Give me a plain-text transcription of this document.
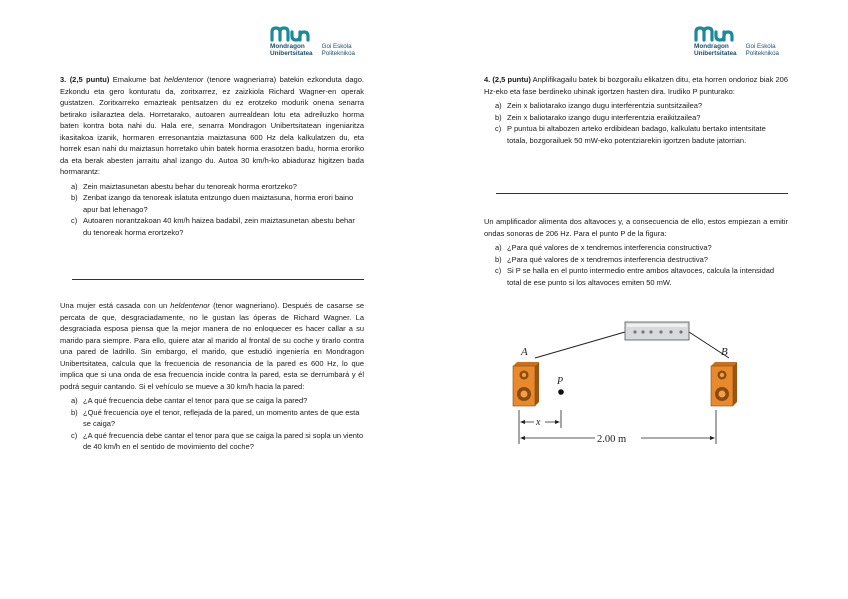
Mondragon
Unibertsitatea
Goi Eskola
Politeknikoa

3. (2,5 puntu) Emakume bat heldentenor (tenore wagneriarra) batekin ezkonduta dago. Ezkondu eta gero konturatu da, zoritxarrez, ez zaizkiola Richard Wagner-en operak gustatzen. Zoritxarreko emazteak pentsatzen du ez erotzeko modurik onena senarra betirako isilaraztea dela. Horretarako, autoaren aurrealdean lotu eta adreiluzko horma baten kontra bota nahi du. Hala ere, senarra Mondragon Unibertsitatean ingeniaritza ikasitakoa izanik, hormaren erresonantzia maiztasuna 600 Hz dela kalkulatzen du, eta horrek esan nahi du maiztasun horretako uhin batek horma erasotzen badu, horma eroriko da eta berak abesten jarraitu ahal izango du. Autoa 30 km/h-ko abiaduraz higitzen bada hormarantz:

a) Zein maiztasunetan abestu behar du tenoreak horma erortzeko?
b) Zenbat izango da tenoreak islatuta entzungo duen maiztasuna, horma erori baino apur bat lehenago?
c) Autoaren norantzakoan 40 km/h haizea badabil, zein maiztasunetan abestu behar du tenoreak horma erortzeko?

Una mujer está casada con un heldentenor (tenor wagneriano). Después de casarse se percata de que, desgraciadamente, no le gustan las óperas de Richard Wagner. La desgraciada esposa piensa que la mejor manera de no enloquecer es hacer callar a su marido para siempre. Para ello, quiere atar al marido al frontal de su coche y tirarlo contra una pared de ladrillo. Sin embargo, el marido, que estudió ingeniería en Mondragon Unibertsitatea, calcula que la frecuencia de resonancia de la pared es 600 Hz, lo que implica que si una onda de esa frecuencia incide contra la pared, esta se derrumbará y él podrá seguir cantando. Si el vehículo se mueve a 30 km/h hacia la pared:

a) ¿A qué frecuencia debe cantar el tenor para que se caiga la pared?
b) ¿Qué frecuencia oye el tenor, reflejada de la pared, un momento antes de que esta se caiga?
c) ¿A qué frecuencia debe cantar el tenor para que se caiga la pared si sopla un viento de 40 km/h en el sentido de movimiento del coche?
Mondragon
Unibertsitatea
Goi Eskola
Politeknikoa

4. (2,5 puntu) Anplifikagailu batek bi bozgorailu elikatzen ditu, eta horren ondorioz biak 206 Hz-eko eta fase berdineko uhinak igortzen hasten dira. Irudiko P punturako:

a) Zein x baliotarako izango dugu interferentzia suntsitzailea?
b) Zein x baliotarako izango dugu interferentzia eraikitzailea?
c) P puntua bi altabozen arteko erdibidean badago, kalkulatu bertako intentsitate totala, bozgorailuek 50 mW-eko potentziarekin igortzen badute jatorrian.

Un amplificador alimenta dos altavoces y, a consecuencia de ello, estos empiezan a emitir ondas sonoras de 206 Hz. Para el punto P de la figura:

a) ¿Para qué valores de x tendremos interferencia constructiva?
b) ¿Para qué valores de x tendremos interferencia destructiva?
c) Si P se halla en el punto intermedio entre ambos altavoces, calcula la intensidad total de ese punto si los altavoces emiten 50 mW.
A	B
P
x
2.00 m
